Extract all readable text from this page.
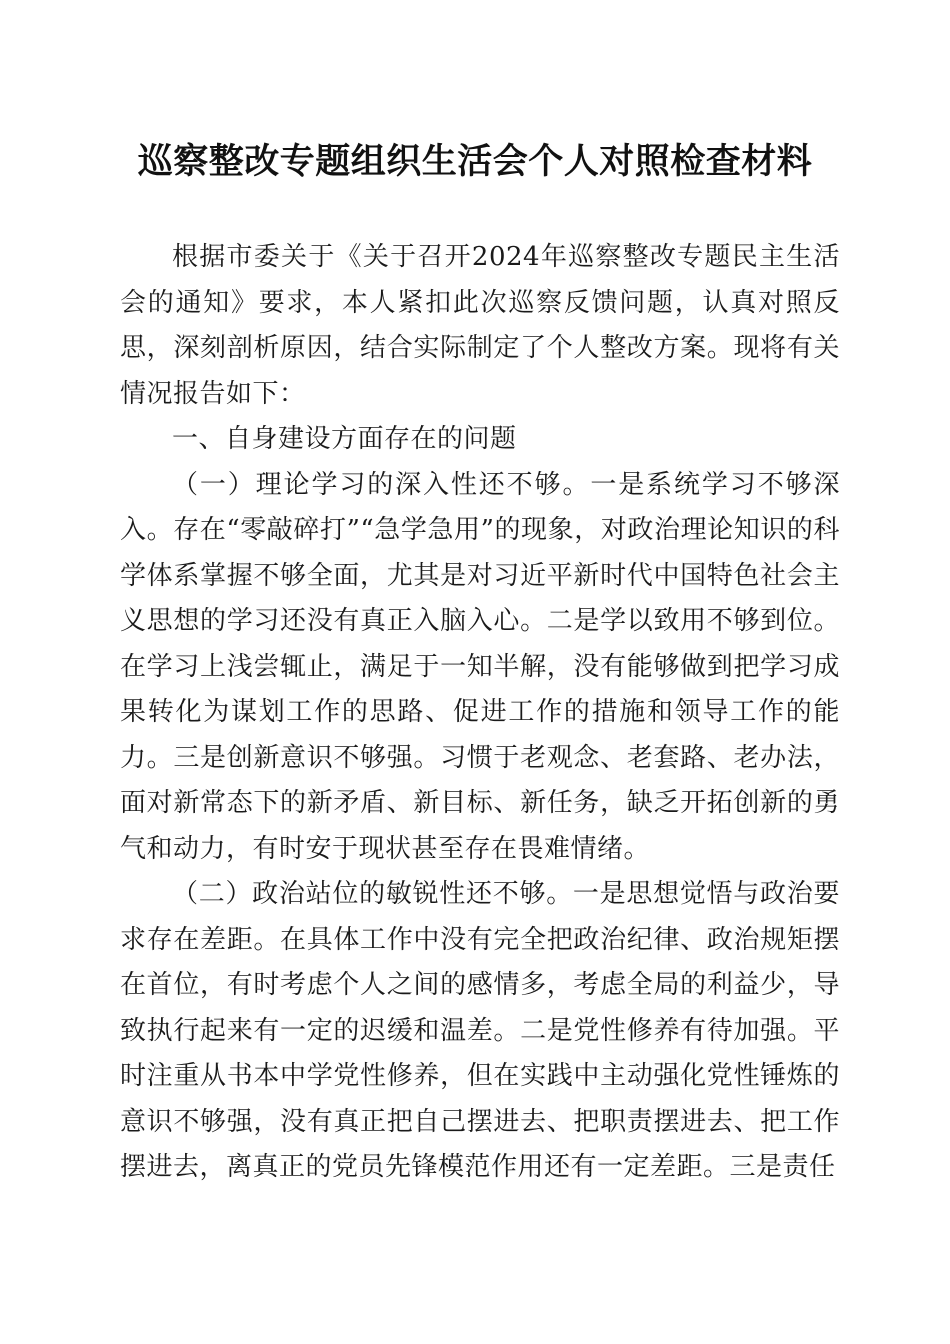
巡察整改专题组织生活会个人对照检查材料

根据市委关于《关于召开2024年巡察整改专题民主生活会的通知》要求，本人紧扣此次巡察反馈问题，认真对照反思，深刻剖析原因，结合实际制定了个人整改方案。现将有关情况报告如下：

一、自身建设方面存在的问题

（一）理论学习的深入性还不够。一是系统学习不够深入。存在“零敲碎打”“急学急用”的现象，对政治理论知识的科学体系掌握不够全面，尤其是对习近平新时代中国特色社会主义思想的学习还没有真正入脑入心。二是学以致用不够到位。在学习上浅尝辄止，满足于一知半解，没有能够做到把学习成果转化为谋划工作的思路、促进工作的措施和领导工作的能力。三是创新意识不够强。习惯于老观念、老套路、老办法，面对新常态下的新矛盾、新目标、新任务，缺乏开拓创新的勇气和动力，有时安于现状甚至存在畏难情绪。

（二）政治站位的敏锐性还不够。一是思想觉悟与政治要求存在差距。在具体工作中没有完全把政治纪律、政治规矩摆在首位，有时考虑个人之间的感情多，考虑全局的利益少，导致执行起来有一定的迟缓和温差。二是党性修养有待加强。平时注重从书本中学党性修养，但在实践中主动强化党性锤炼的意识不够强，没有真正把自己摆进去、把职责摆进去、把工作摆进去，离真正的党员先锋模范作用还有一定差距。三是责任
